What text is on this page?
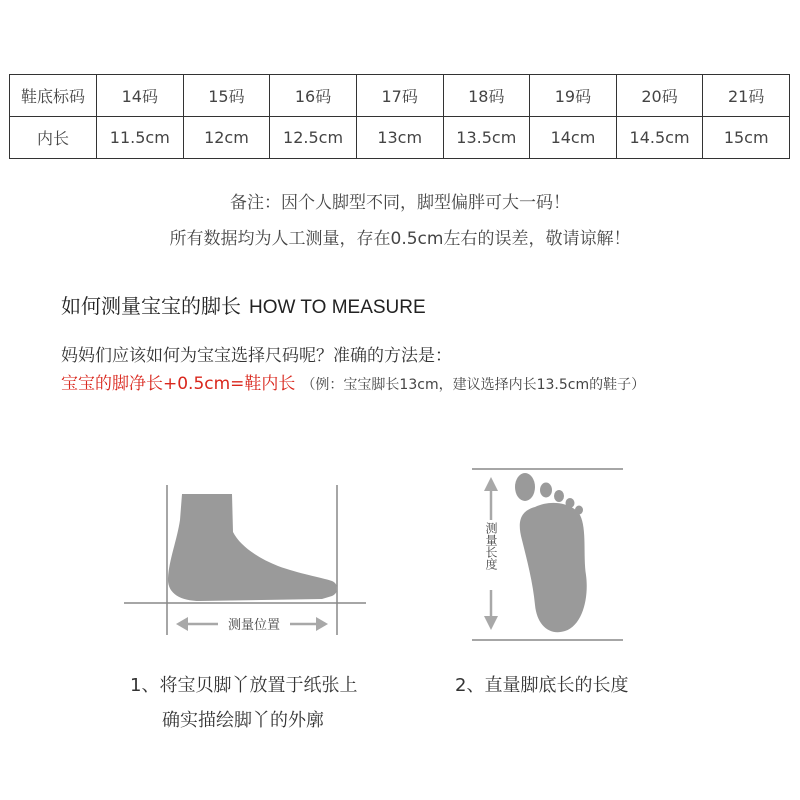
鞋底标码	14码	15码	16码	17码	18码	19码	20码	21码
内长	11.5cm	12cm	12.5cm	13cm	13.5cm	14cm	14.5cm	15cm
备注：因个人脚型不同，脚型偏胖可大一码！
所有数据均为人工测量，存在0.5cm左右的误差，敬请谅解！
如何测量宝宝的脚长 HOW TO MEASURE
妈妈们应该如何为宝宝选择尺码呢？准确的方法是：
宝宝的脚净长+0.5cm=鞋内长 （例：宝宝脚长13cm，建议选择内长13.5cm的鞋子）
测量位置
测量长度
1、将宝贝脚丫放置于纸张上
确实描绘脚丫的外廓
2、直量脚底长的长度
